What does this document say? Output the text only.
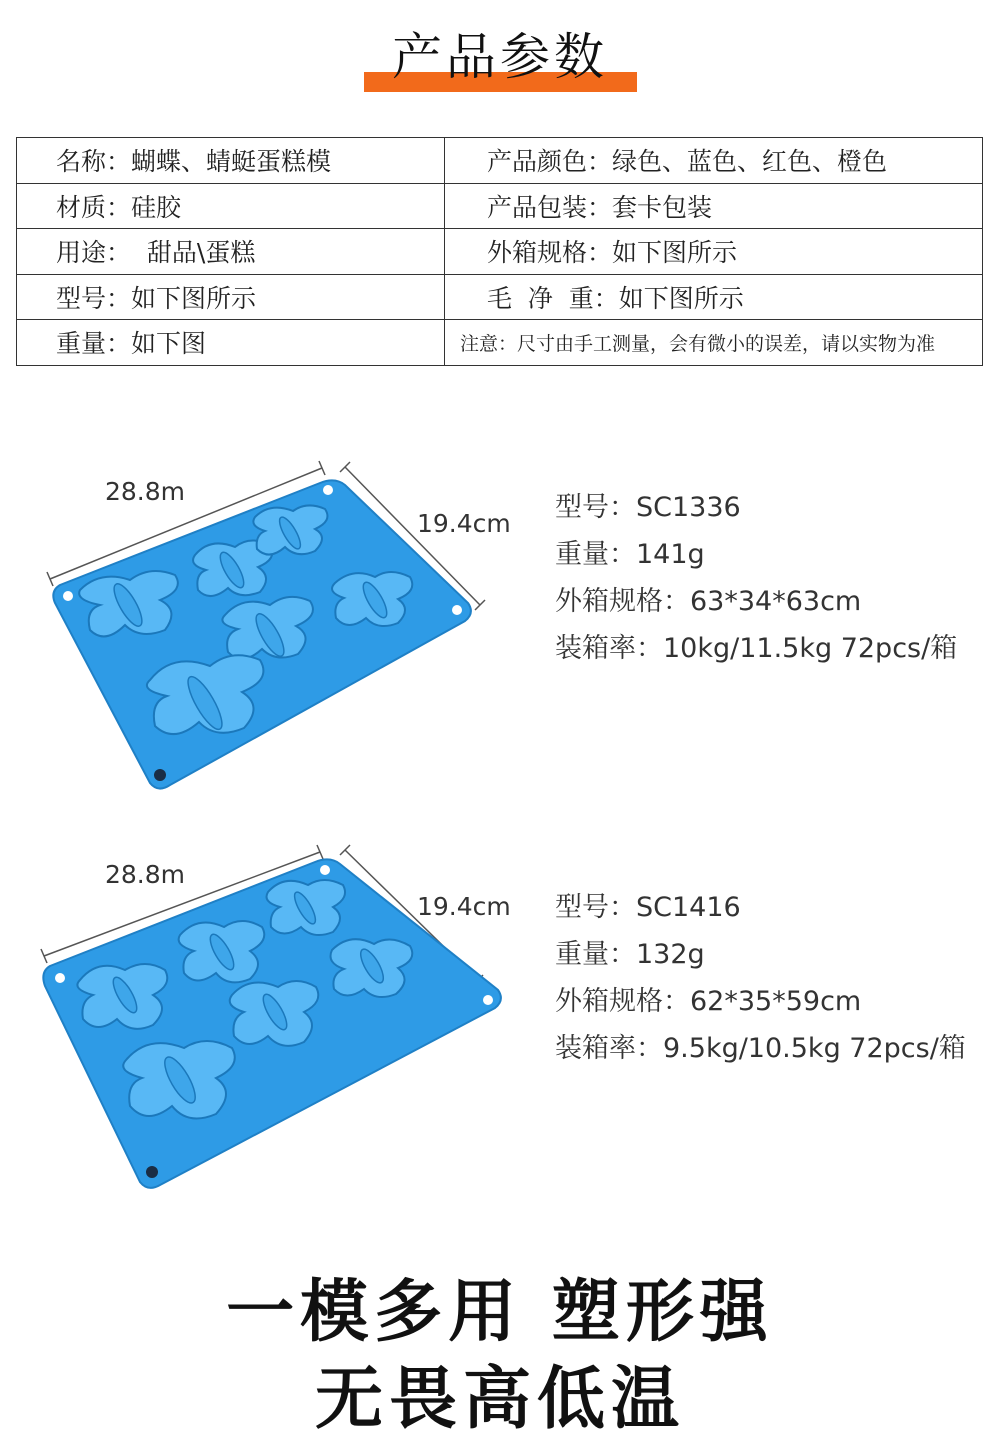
产品参数
名称：蝴蝶、蜻蜓蛋糕模	产品颜色：绿色、蓝色、红色、橙色
材质：硅胶	产品包装：套卡包装
用途：  甜品\蛋糕	外箱规格：如下图所示
型号：如下图所示	毛  净  重：如下图所示
重量：如下图	注意：尺寸由手工测量，会有微小的误差，请以实物为准
28.8m
19.4cm
型号：SC1336
重量：141g
外箱规格：63*34*63cm
装箱率：10kg/11.5kg 72pcs/箱
28.8m
19.4cm 型号：SC1416
重量：132g
外箱规格：62*35*59cm
装箱率：9.5kg/10.5kg 72pcs/箱
一模多用 塑形强
无畏高低温
